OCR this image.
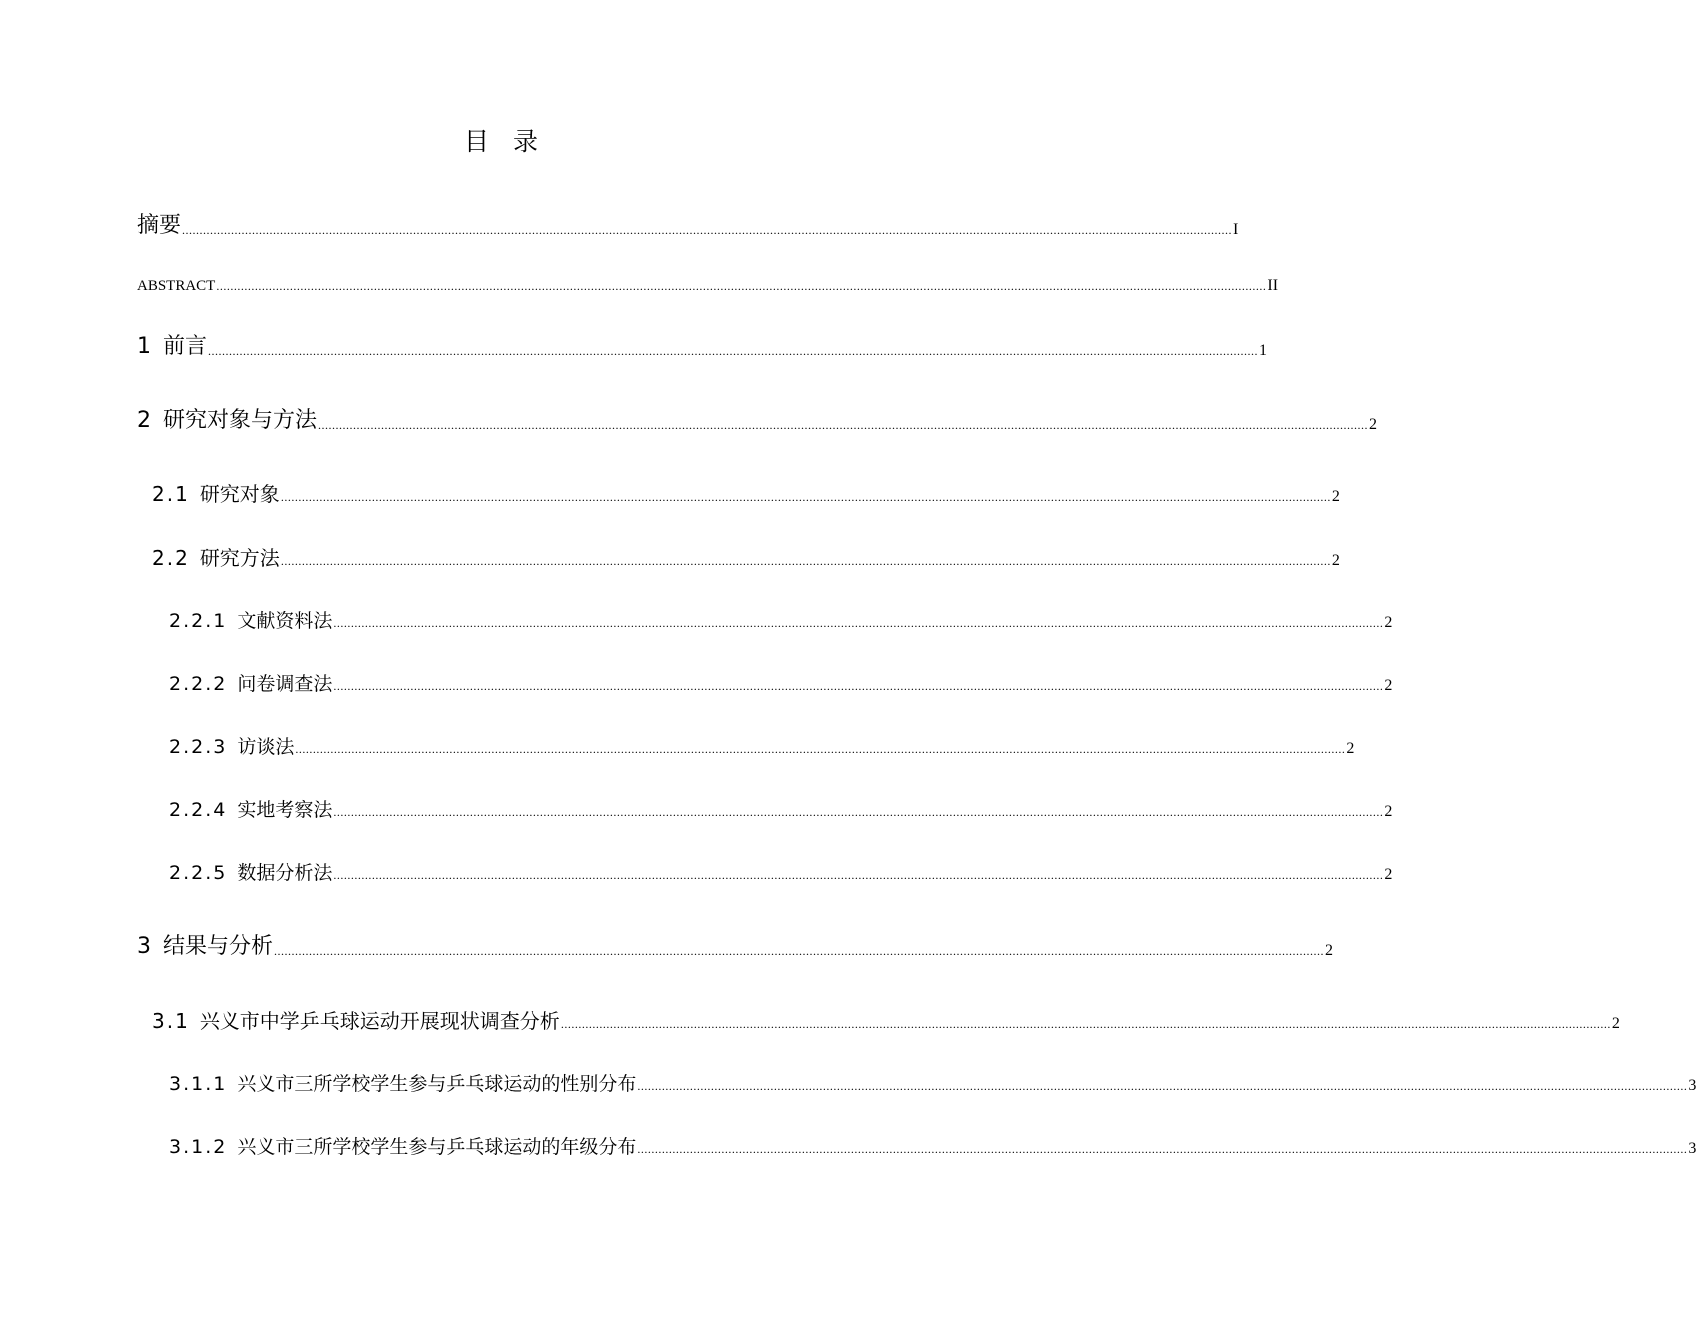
目 录
摘要 ............................................................................................................................................................................................................................................................................................................ I
ABSTRACT ............................................................................................................................................................................................................................................................................................................ II
1 前言 ............................................................................................................................................................................................................................................................................................................ 1
2 研究对象与方法 ............................................................................................................................................................................................................................................................................................................ 2
2.1 研究对象 ............................................................................................................................................................................................................................................................................................................ 2
2.2 研究方法 ............................................................................................................................................................................................................................................................................................................ 2
2.2.1 文献资料法 ............................................................................................................................................................................................................................................................................................................ 2
2.2.2 问卷调查法 ............................................................................................................................................................................................................................................................................................................ 2
2.2.3 访谈法 ............................................................................................................................................................................................................................................................................................................ 2
2.2.4 实地考察法 ............................................................................................................................................................................................................................................................................................................ 2
2.2.5 数据分析法 ............................................................................................................................................................................................................................................................................................................ 2
3 结果与分析 ............................................................................................................................................................................................................................................................................................................ 2
3.1 兴义市中学乒乓球运动开展现状调查分析 ............................................................................................................................................................................................................................................................................................................ 2
3.1.1 兴义市三所学校学生参与乒乓球运动的性别分布 ............................................................................................................................................................................................................................................................................................................ 3
3.1.2 兴义市三所学校学生参与乒乓球运动的年级分布 ............................................................................................................................................................................................................................................................................................................ 3
